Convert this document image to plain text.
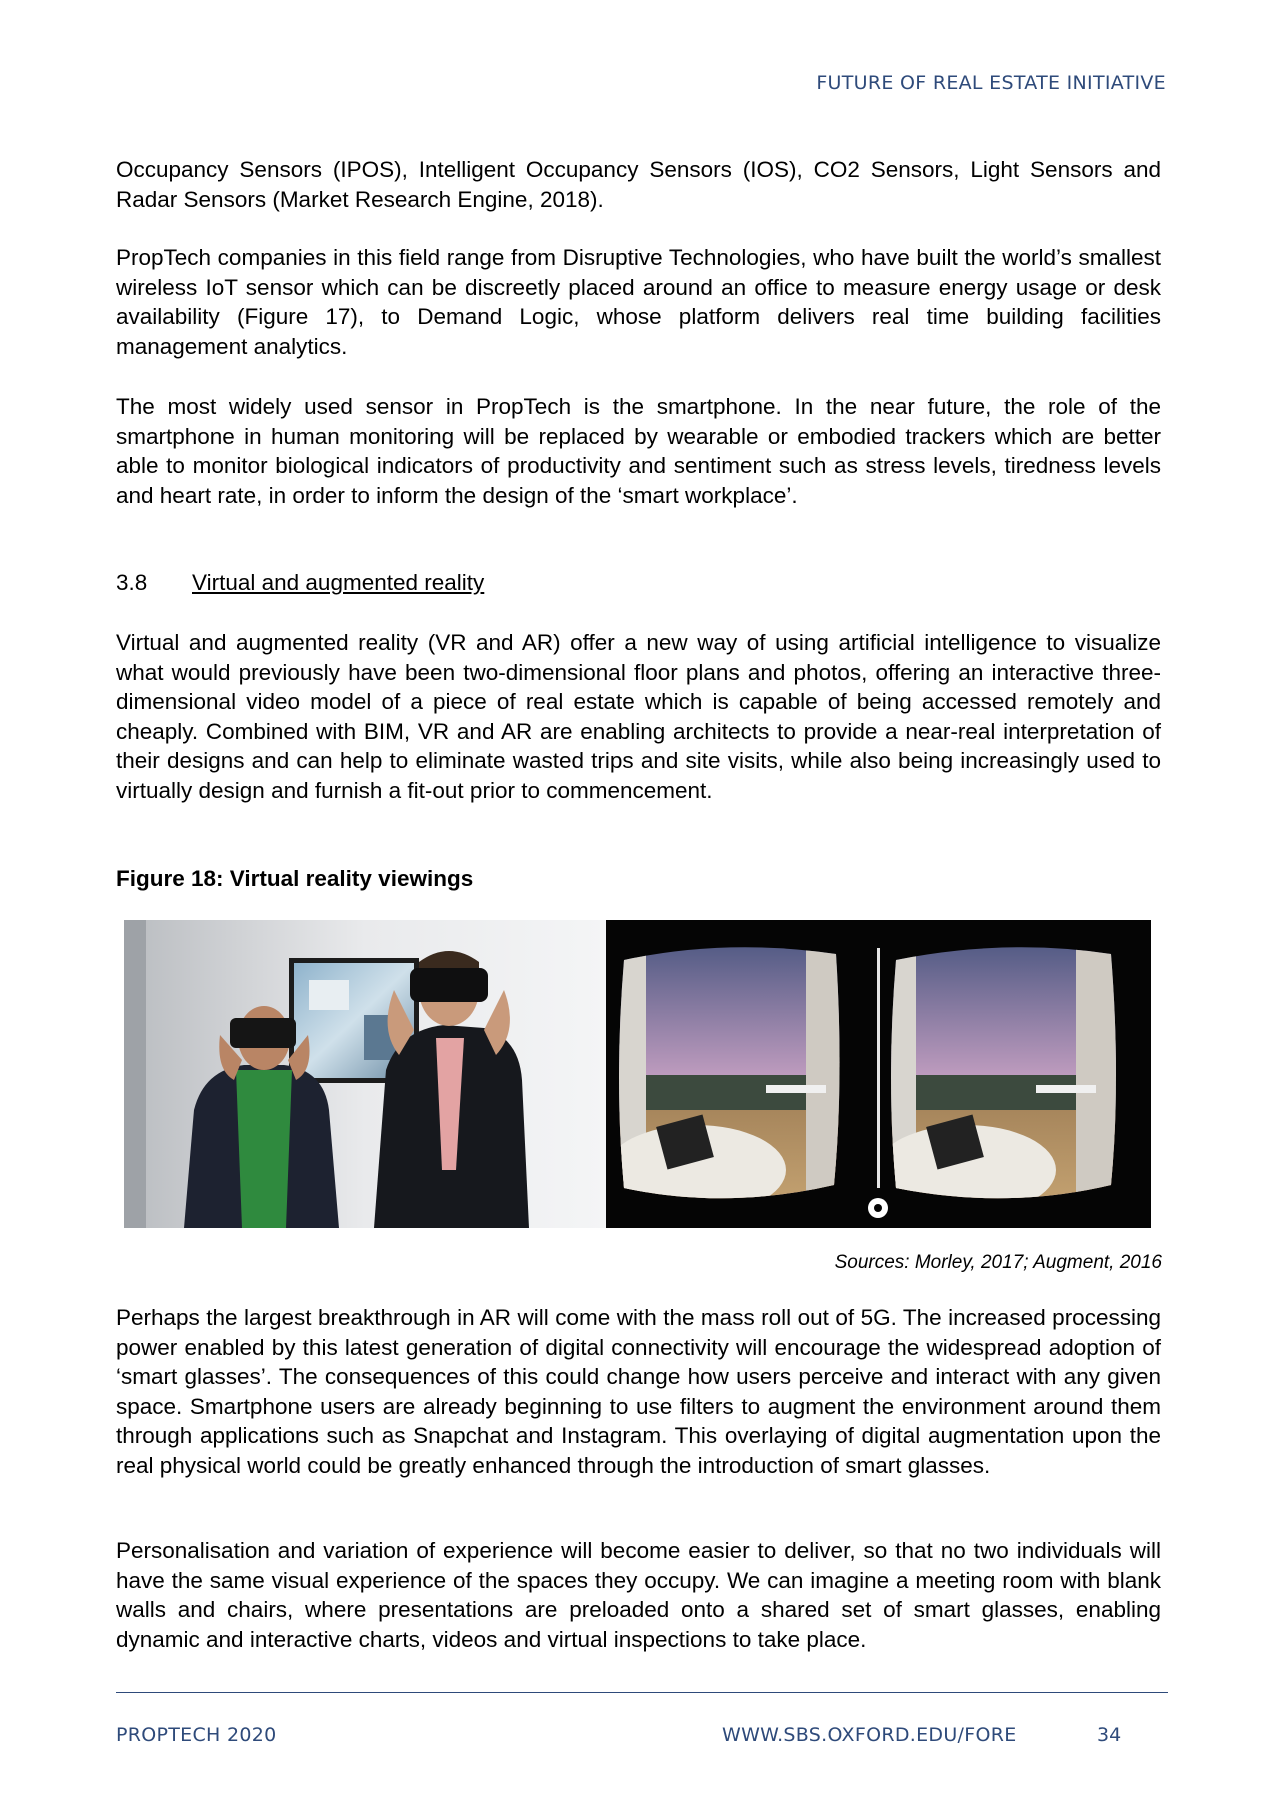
FUTURE OF REAL ESTATE INITIATIVE
Occupancy Sensors (IPOS), Intelligent Occupancy Sensors (IOS), CO2 Sensors, Light Sensors and Radar Sensors (Market Research Engine, 2018).
PropTech companies in this field range from Disruptive Technologies, who have built the world’s smallest wireless IoT sensor which can be discreetly placed around an office to measure energy usage or desk availability (Figure 17), to Demand Logic, whose platform delivers real time building facilities management analytics.
The most widely used sensor in PropTech is the smartphone. In the near future, the role of the smartphone in human monitoring will be replaced by wearable or embodied trackers which are better able to monitor biological indicators of productivity and sentiment such as stress levels, tiredness levels and heart rate, in order to inform the design of the ‘smart workplace’.
3.8 Virtual and augmented reality
Virtual and augmented reality (VR and AR) offer a new way of using artificial intelligence to visualize what would previously have been two-dimensional floor plans and photos, offering an interactive three-dimensional video model of a piece of real estate which is capable of being accessed remotely and cheaply. Combined with BIM, VR and AR are enabling architects to provide a near-real interpretation of their designs and can help to eliminate wasted trips and site visits, while also being increasingly used to virtually design and furnish a fit-out prior to commencement.
Figure 18: Virtual reality viewings
Sources: Morley, 2017; Augment, 2016
Perhaps the largest breakthrough in AR will come with the mass roll out of 5G. The increased processing power enabled by this latest generation of digital connectivity will encourage the widespread adoption of ‘smart glasses’. The consequences of this could change how users perceive and interact with any given space. Smartphone users are already beginning to use filters to augment the environment around them through applications such as Snapchat and Instagram. This overlaying of digital augmentation upon the real physical world could be greatly enhanced through the introduction of smart glasses.
Personalisation and variation of experience will become easier to deliver, so that no two individuals will have the same visual experience of the spaces they occupy. We can imagine a meeting room with blank walls and chairs, where presentations are preloaded onto a shared set of smart glasses, enabling dynamic and interactive charts, videos and virtual inspections to take place.
PROPTECH 2020	WWW.SBS.OXFORD.EDU/FORE	34
